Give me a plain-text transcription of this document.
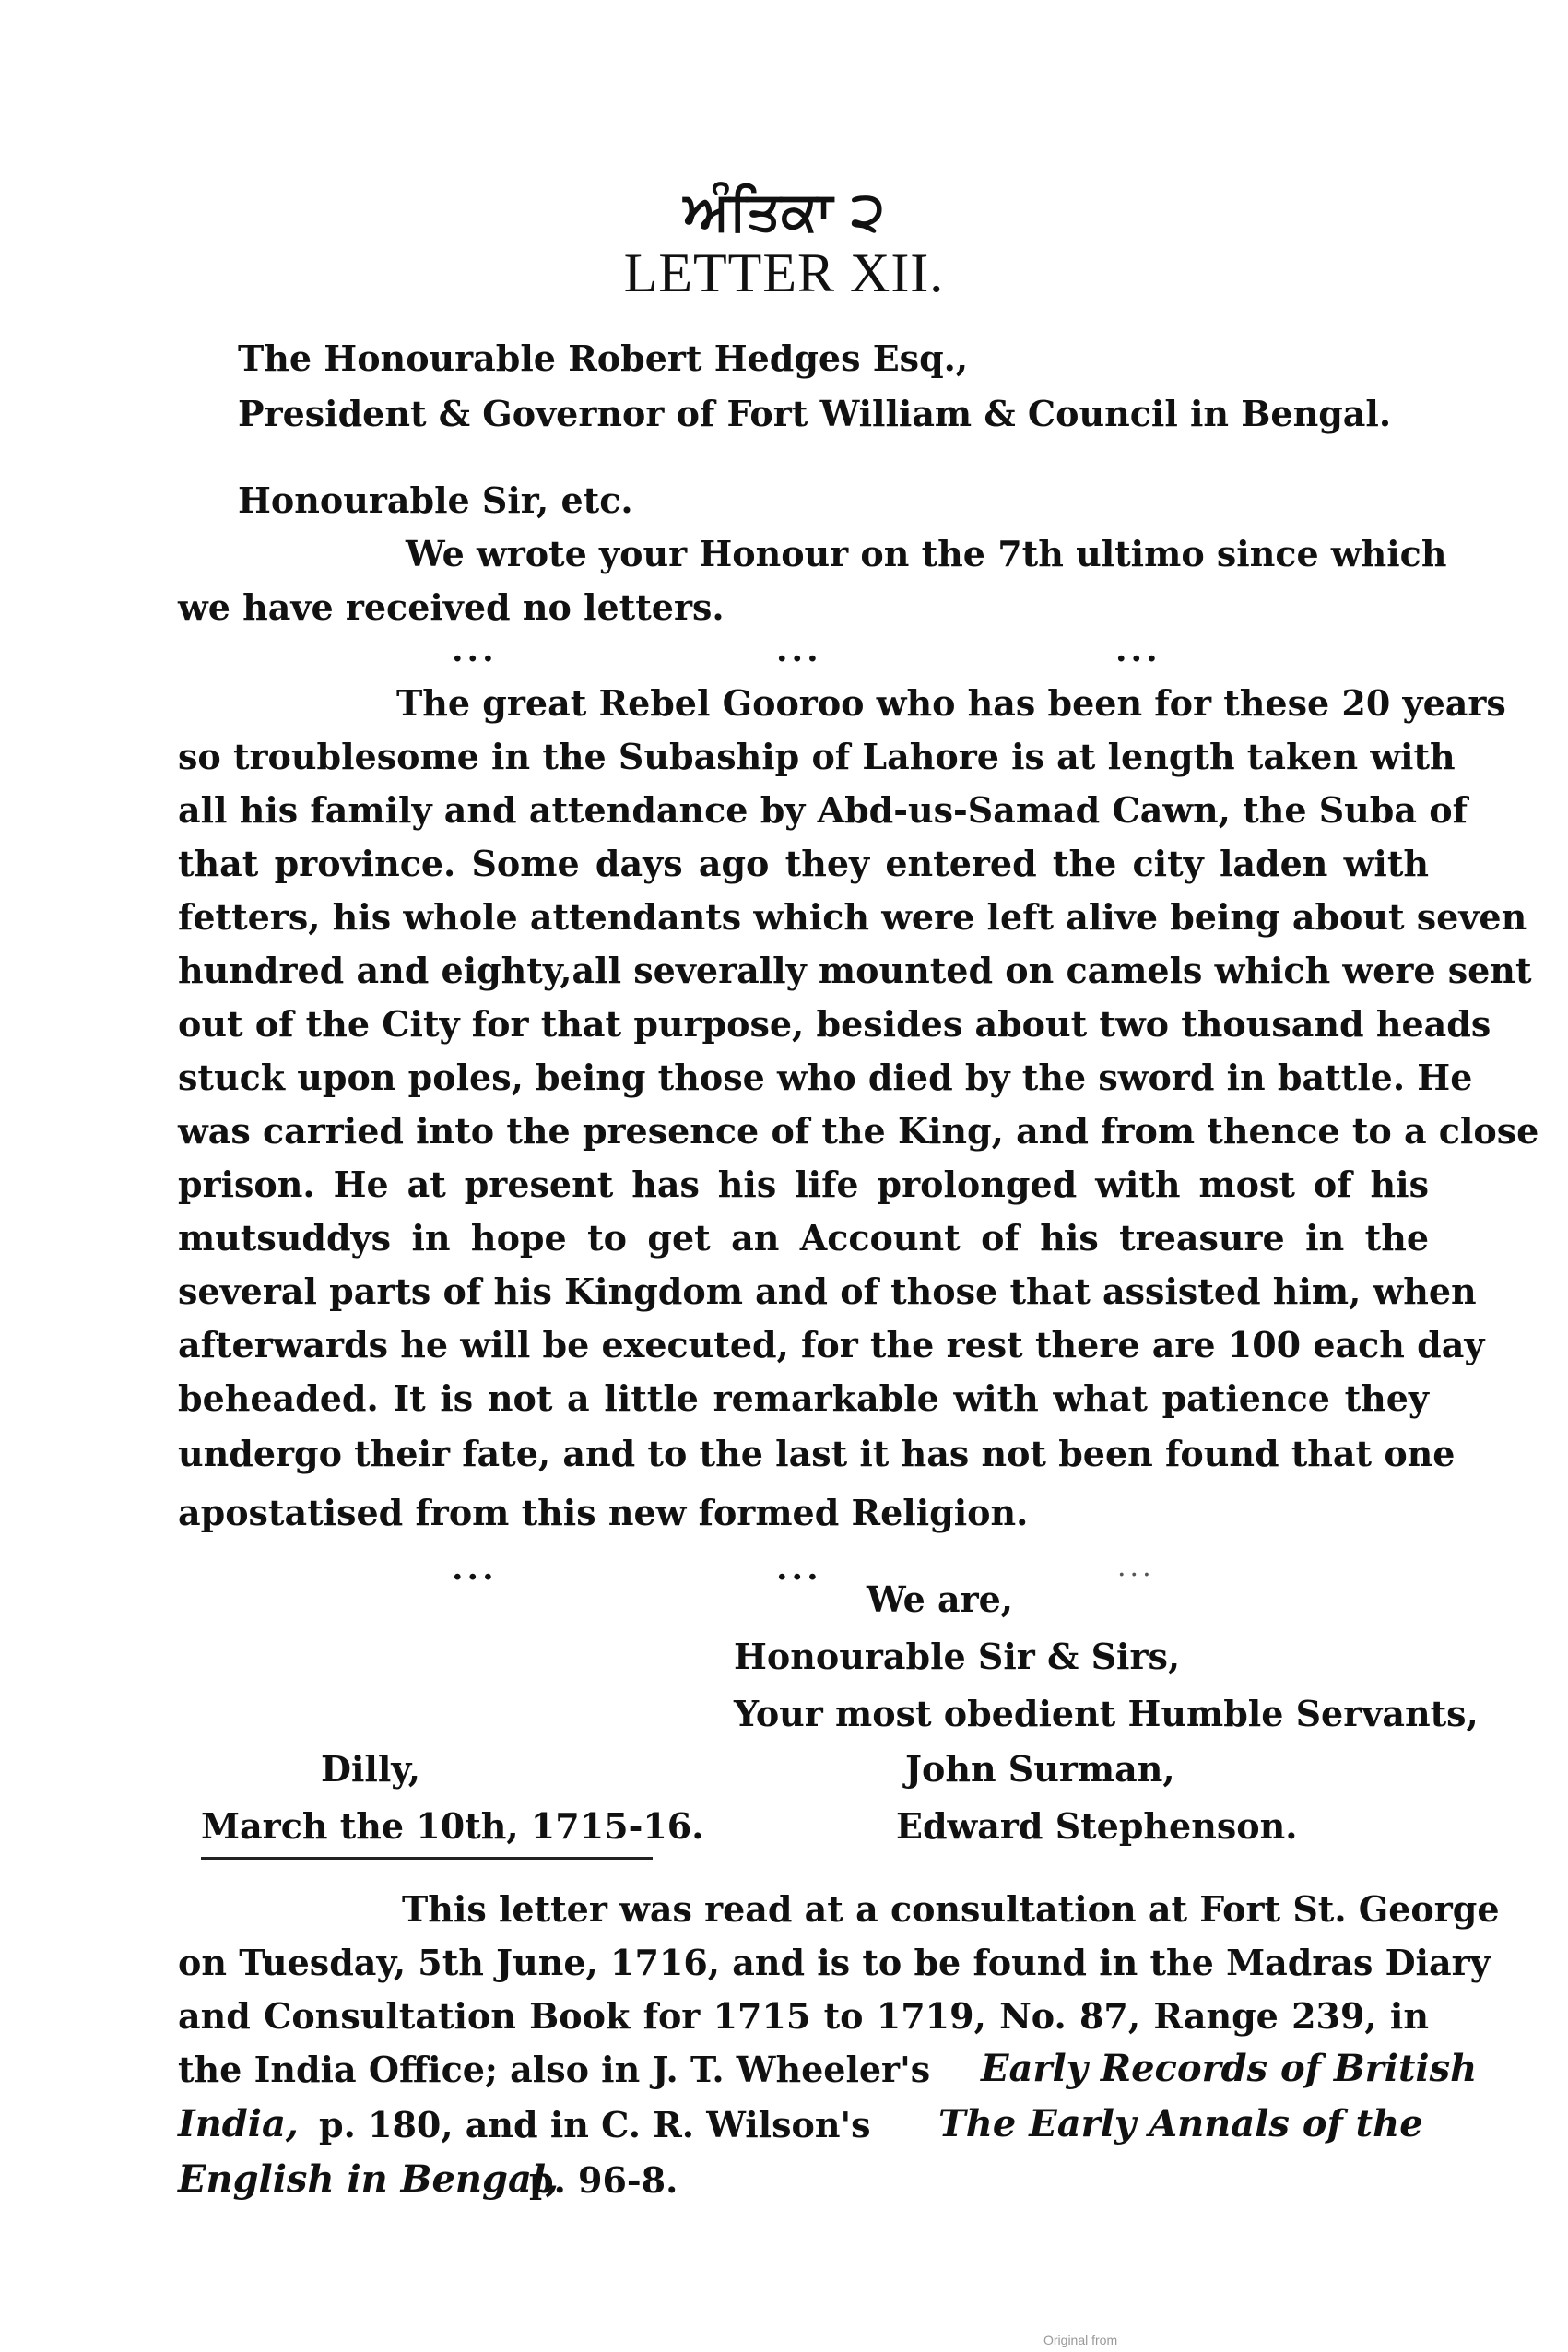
ਅੰਤਿਕਾ ੨
LETTER XII.
The Honourable Robert Hedges Esq.,
President & Governor of Fort William & Council in Bengal.
Honourable Sir, etc.
We wrote your Honour on the 7th ultimo since which
we have received no letters.
...	...	...
The great Rebel Gooroo who has been for these 20 years
so troublesome in the Subaship of Lahore is at length taken with
all his family and attendance by Abd-us-Samad Cawn, the Suba of
that province. Some days ago they entered the city laden with
fetters, his whole attendants which were left alive being about seven
hundred and eighty,all severally mounted on camels which were sent
out of the City for that purpose, besides about two thousand heads
stuck upon poles, being those who died by the sword in battle. He
was carried into the presence of the King, and from thence to a close
prison. He at present has his life prolonged with most of his
mutsuddys in hope to get an Account of his treasure in the
several parts of his Kingdom and of those that assisted him, when
afterwards he will be executed, for the rest there are 100 each day
beheaded. It is not a little remarkable with what patience they
undergo their fate, and to the last it has not been found that one
apostatised from this new formed Religion.
...	...	...
We are,
Honourable Sir & Sirs,
Your most obedient Humble Servants,
Dilly,	John Surman,
March the 10th, 1715-16.	Edward Stephenson.
This letter was read at a consultation at Fort St. George
on Tuesday, 5th June, 1716, and is to be found in the Madras Diary
and Consultation Book for 1715 to 1719, No. 87, Range 239, in
the India Office; also in J. T. Wheeler's Early Records of British
India, p. 180, and in C. R. Wilson's The Early Annals of the
English in Bengal,
p. 96-8.
Original from
